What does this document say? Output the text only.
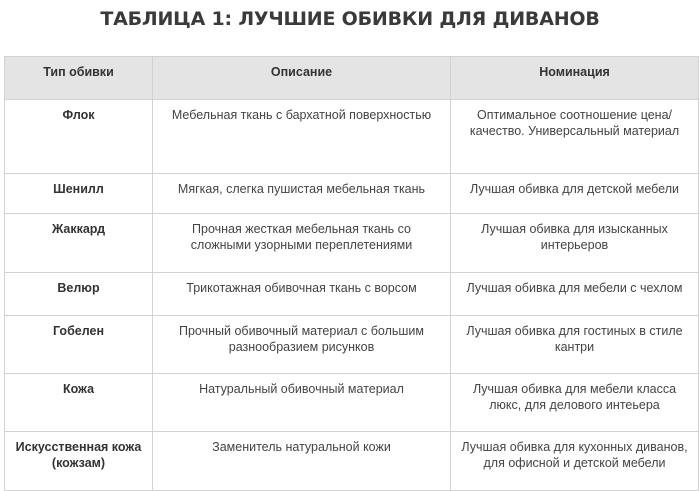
ТАБЛИЦА 1: ЛУЧШИЕ ОБИВКИ ДЛЯ ДИВАНОВ
Тип обивки	Описание	Номинация
Флок	Мебельная ткань с бархатной поверхностью	Оптимальное соотношение цена/качество. Универсальный материал
Шенилл	Мягкая, слегка пушистая мебельная ткань	Лучшая обивка для детской мебели
Жаккард	Прочная жесткая мебельная ткань со сложными узорными переплетениями	Лучшая обивка для изысканных интерьеров
Велюр	Трикотажная обивочная ткань с ворсом	Лучшая обивка для мебели с чехлом
Гобелен	Прочный обивочный материал с большим разнообразием рисунков	Лучшая обивка для гостиных в стиле кантри
Кожа	Натуральный обивочный материал	Лучшая обивка для мебели класса люкс, для делового интеьера
Искусственная кожа (кожзам)	Заменитель натуральной кожи	Лучшая обивка для кухонных диванов, для офисной и детской мебели
